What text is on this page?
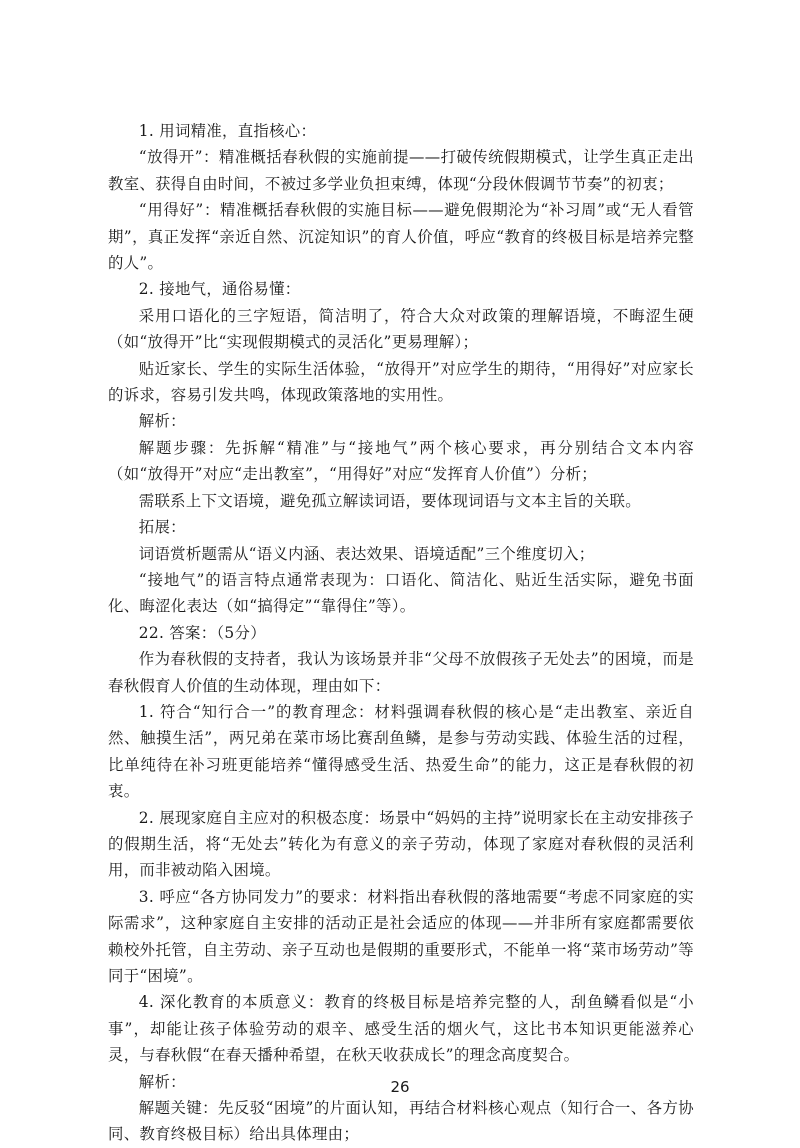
1. 用词精准，直指核心：

“放得开”：精准概括春秋假的实施前提——打破传统假期模式，让学生真正走出教室、获得自由时间，不被过多学业负担束缚，体现“分段休假调节节奏”的初衷；

“用得好”：精准概括春秋假的实施目标——避免假期沦为“补习周”或“无人看管期”，真正发挥“亲近自然、沉淀知识”的育人价值，呼应“教育的终极目标是培养完整的人”。

2. 接地气，通俗易懂：

采用口语化的三字短语，简洁明了，符合大众对政策的理解语境，不晦涩生硬（如“放得开”比“实现假期模式的灵活化”更易理解）；

贴近家长、学生的实际生活体验，“放得开”对应学生的期待，“用得好”对应家长的诉求，容易引发共鸣，体现政策落地的实用性。

解析：

解题步骤：先拆解“精准”与“接地气”两个核心要求，再分别结合文本内容（如“放得开”对应“走出教室”，“用得好”对应“发挥育人价值”）分析；

需联系上下文语境，避免孤立解读词语，要体现词语与文本主旨的关联。

拓展：

词语赏析题需从“语义内涵、表达效果、语境适配”三个维度切入；

“接地气”的语言特点通常表现为：口语化、简洁化、贴近生活实际，避免书面化、晦涩化表达（如“搞得定”“靠得住”等）。

22. 答案：（5分）

作为春秋假的支持者，我认为该场景并非“父母不放假孩子无处去”的困境，而是春秋假育人价值的生动体现，理由如下：

1. 符合“知行合一”的教育理念：材料强调春秋假的核心是“走出教室、亲近自然、触摸生活”，两兄弟在菜市场比赛刮鱼鳞，是参与劳动实践、体验生活的过程，比单纯待在补习班更能培养“懂得感受生活、热爱生命”的能力，这正是春秋假的初衷。

2. 展现家庭自主应对的积极态度：场景中“妈妈的主持”说明家长在主动安排孩子的假期生活，将“无处去”转化为有意义的亲子劳动，体现了家庭对春秋假的灵活利用，而非被动陷入困境。

3. 呼应“各方协同发力”的要求：材料指出春秋假的落地需要“考虑不同家庭的实际需求”，这种家庭自主安排的活动正是社会适应的体现——并非所有家庭都需要依赖校外托管，自主劳动、亲子互动也是假期的重要形式，不能单一将“菜市场劳动”等同于“困境”。

4. 深化教育的本质意义：教育的终极目标是培养完整的人，刮鱼鳞看似是“小事”，却能让孩子体验劳动的艰辛、感受生活的烟火气，这比书本知识更能滋养心灵，与春秋假“在春天播种希望，在秋天收获成长”的理念高度契合。

解析：

解题关键：先反驳“困境”的片面认知，再结合材料核心观点（知行合一、各方协同、教育终极目标）给出具体理由；

26
